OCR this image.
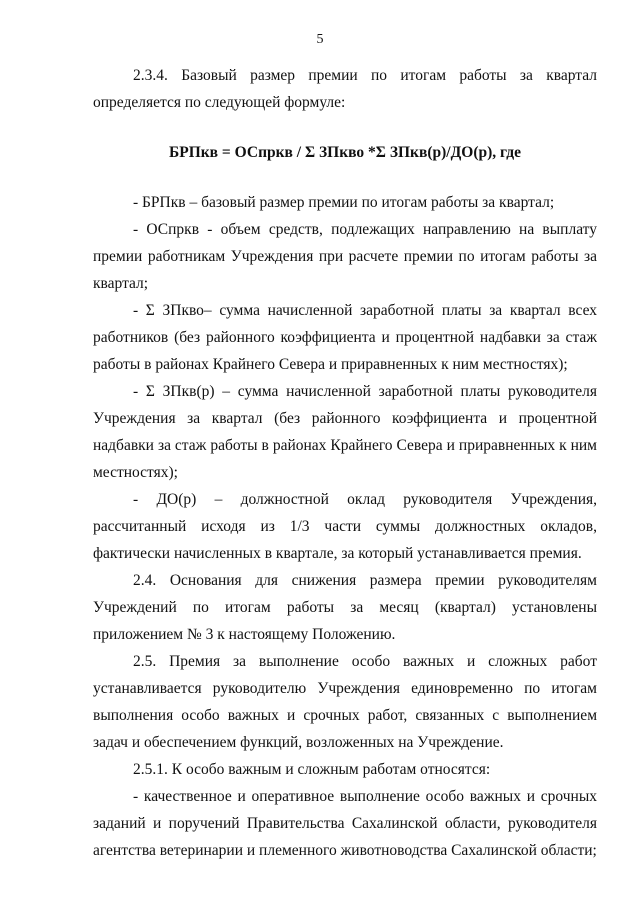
5

2.3.4. Базовый размер премии по итогам работы за квартал определяется по следующей формуле:

БРПкв = ОСпркв / Σ ЗПкво *Σ ЗПкв(р)/ДО(р), где

- БРПкв – базовый размер премии по итогам работы за квартал;

- ОСпркв - объем средств, подлежащих направлению на выплату премии работникам Учреждения при расчете премии по итогам работы за квартал;

- Σ ЗПкво– сумма начисленной заработной платы за квартал всех работников (без районного коэффициента и процентной надбавки за стаж работы в районах Крайнего Севера и приравненных к ним местностях);

- Σ ЗПкв(р) – сумма начисленной заработной платы руководителя Учреждения за квартал (без районного коэффициента и процентной надбавки за стаж работы в районах Крайнего Севера и приравненных к ним местностях);

- ДО(р) – должностной оклад руководителя Учреждения, рассчитанный исходя из 1/3 части суммы должностных окладов, фактически начисленных в квартале, за который устанавливается премия.

2.4. Основания для снижения размера премии руководителям Учреждений по итогам работы за месяц (квартал) установлены приложением № 3 к настоящему Положению.

2.5. Премия за выполнение особо важных и сложных работ устанавливается руководителю Учреждения единовременно по итогам выполнения особо важных и срочных работ, связанных с выполнением задач и обеспечением функций, возложенных на Учреждение.

2.5.1. К особо важным и сложным работам относятся:

- качественное и оперативное выполнение особо важных и срочных заданий и поручений Правительства Сахалинской области, руководителя агентства ветеринарии и племенного животноводства Сахалинской области;
